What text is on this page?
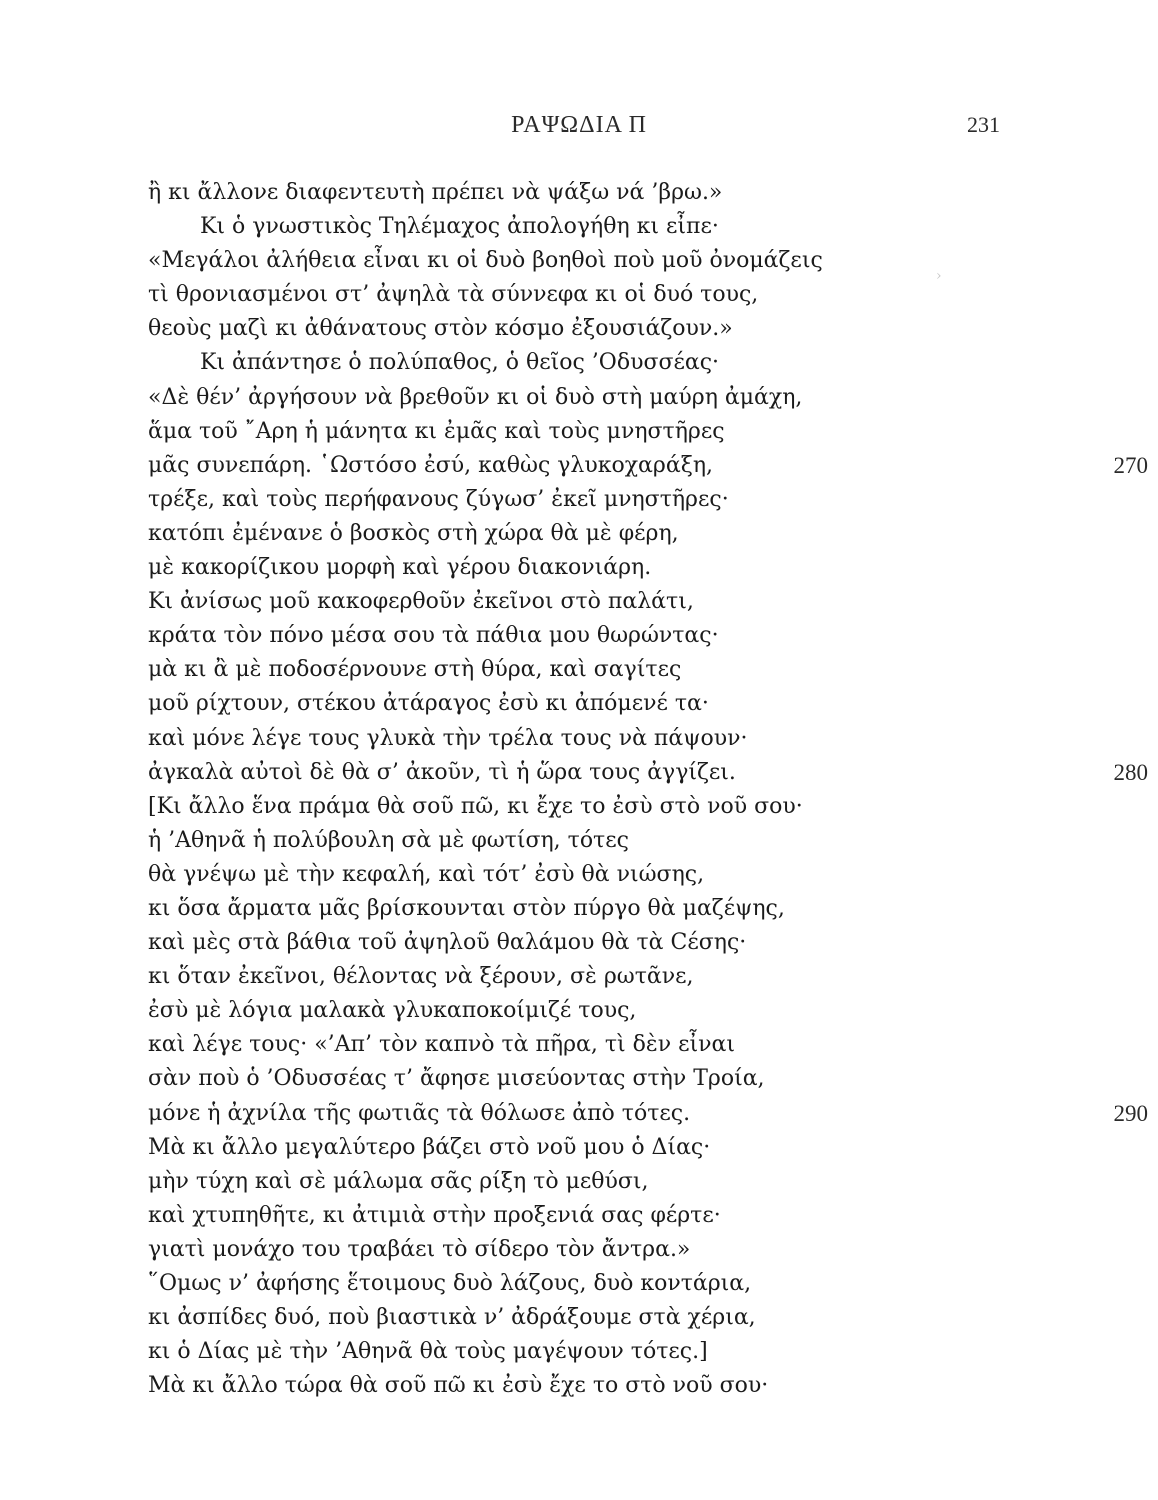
ΡΑΨΩΔΙΑ Π	231
›
ἢ κι ἄλλονε διαφεντευτὴ πρέπει νὰ ψάξω νά ’βρω.»
Κι ὁ γνωστικὸς Τηλέμαχος ἀπολογήθη κι εἶπε·
«Μεγάλοι ἀλήθεια εἶναι κι οἱ δυὸ βοηθοὶ ποὺ μοῦ ὀνομάζεις
τὶ θρονιασμένοι στ’ ἀψηλὰ τὰ σύννεφα κι οἱ δυό τους,
θεοὺς μαζὶ κι ἀθάνατους στὸν κόσμο ἐξουσιάζουν.»
Κι ἀπάντησε ὁ πολύπαθος, ὁ θεῖος ’Οδυσσέας·
«Δὲ θέν’ ἀργήσουν νὰ βρεθοῦν κι οἱ δυὸ στὴ μαύρη ἀμάχη,
ἅμα τοῦ ῎Αρη ἡ μάνητα κι ἐμᾶς καὶ τοὺς μνηστῆρες
μᾶς συνεπάρη. ῾Ωστόσο ἐσύ, καθὼς γλυκοχαράξη,	270
τρέξε, καὶ τοὺς περήφανους ζύγωσ’ ἐκεῖ μνηστῆρες·
κατόπι ἐμένανε ὁ βοσκὸς στὴ χώρα θὰ μὲ φέρη,
μὲ κακορίζικου μορφὴ καὶ γέρου διακονιάρη.
Κι ἀνίσως μοῦ κακοφερθοῦν ἐκεῖνοι στὸ παλάτι,
κράτα τὸν πόνο μέσα σου τὰ πάθια μου θωρώντας·
μὰ κι ἂ μὲ ποδοσέρνουνε στὴ θύρα, καὶ σαγίτες
μοῦ ρίχτουν, στέκου ἀτάραγος ἐσὺ κι ἀπόμενέ τα·
καὶ μόνε λέγε τους γλυκὰ τὴν τρέλα τους νὰ πάψουν·
ἀγκαλὰ αὐτοὶ δὲ θὰ σ’ ἀκοῦν, τὶ ἡ ὥρα τους ἀγγίζει.	280
[Κι ἄλλο ἕνα πράμα θὰ σοῦ πῶ, κι ἔχε το ἐσὺ στὸ νοῦ σου·
ἡ ’Αθηνᾶ ἡ πολύβουλη σὰ μὲ φωτίση, τότες
θὰ γνέψω μὲ τὴν κεφαλή, καὶ τότ’ ἐσὺ θὰ νιώσης,
κι ὅσα ἄρματα μᾶς βρίσκουνται στὸν πύργο θὰ μαζέψης,
καὶ μὲς στὰ βάθια τοῦ ἀψηλοῦ θαλάμου θὰ τὰ Cέσης·
κι ὅταν ἐκεῖνοι, θέλοντας νὰ ξέρουν, σὲ ρωτᾶνε,
ἐσὺ μὲ λόγια μαλακὰ γλυκαποκοίμιζέ τους,
καὶ λέγε τους· «’Απ’ τὸν καπνὸ τὰ πῆρα, τὶ δὲν εἶναι
σὰν ποὺ ὁ ’Οδυσσέας τ’ ἄφησε μισεύοντας στὴν Τροία,
μόνε ἡ ἀχνίλα τῆς φωτιᾶς τὰ θόλωσε ἀπὸ τότες.	290
Μὰ κι ἄλλο μεγαλύτερο βάζει στὸ νοῦ μου ὁ Δίας·
μὴν τύχη καὶ σὲ μάλωμα σᾶς ρίξη τὸ μεθύσι,
καὶ χτυπηθῆτε, κι ἀτιμιὰ στὴν προξενιά σας φέρτε·
γιατὶ μονάχο του τραβάει τὸ σίδερο τὸν ἄντρα.»
῞Ομως ν’ ἀφήσης ἕτοιμους δυὸ λάζους, δυὸ κοντάρια,
κι ἀσπίδες δυό, ποὺ βιαστικὰ ν’ ἀδράξουμε στὰ χέρια,
κι ὁ Δίας μὲ τὴν ’Αθηνᾶ θὰ τοὺς μαγέψουν τότες.]
Μὰ κι ἄλλο τώρα θὰ σοῦ πῶ κι ἐσὺ ἔχε το στὸ νοῦ σου·
